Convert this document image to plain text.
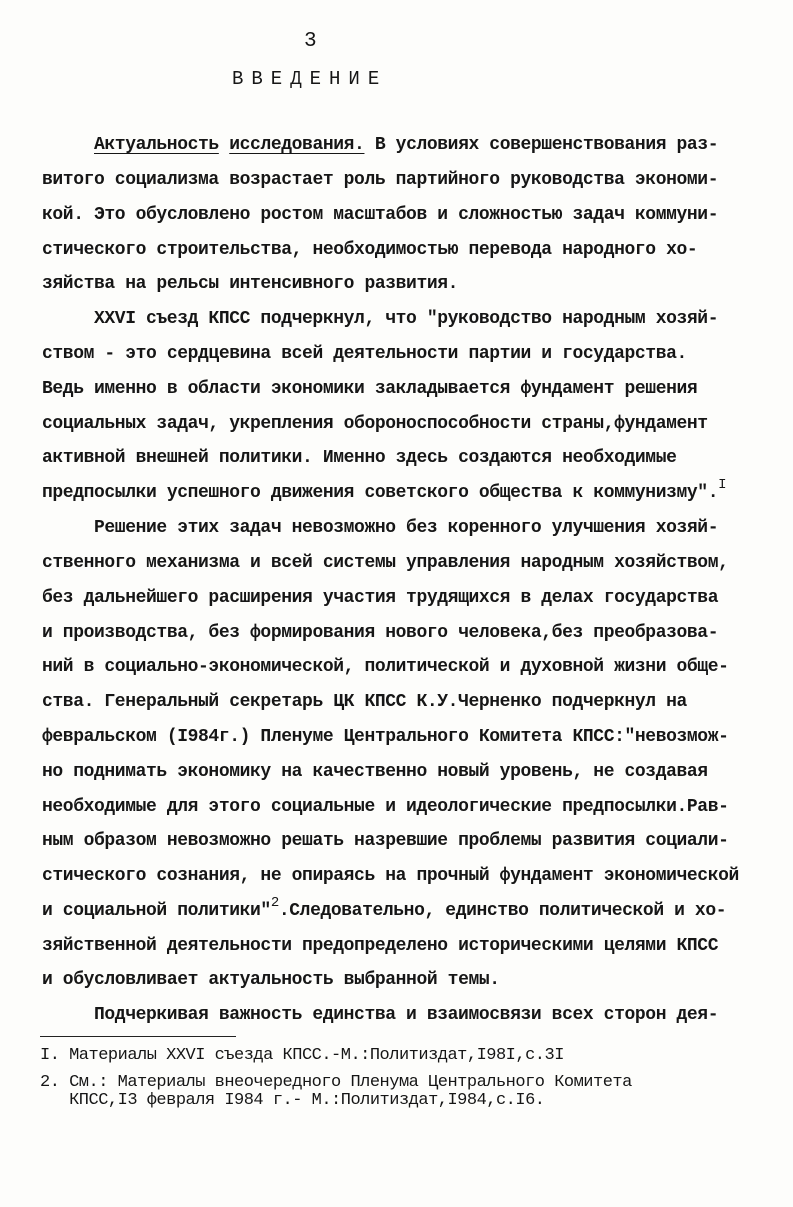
3
ВВЕДЕНИЕ
Актуальность исследования. В условиях совершенствования раз-
витого социализма возрастает роль партийного руководства экономи-
кой. Это обусловлено ростом масштабов и сложностью задач коммуни-
стического строительства, необходимостью перевода народного хо-
зяйства на рельсы интенсивного развития.
XXVI съезд КПСС подчеркнул, что "руководство народным хозяй-
ством - это сердцевина всей деятельности партии и государства.
Ведь именно в области экономики закладывается фундамент решения
социальных задач, укрепления обороноспособности страны,фундамент
активной внешней политики. Именно здесь создаются необходимые
предпосылки успешного движения советского общества к коммунизму".$^I$
Решение этих задач невозможно без коренного улучшения хозяй-
ственного механизма и всей системы управления народным хозяйством,
без дальнейшего расширения участия трудящихся в делах государства
и производства, без формирования нового человека,без преобразова-
ний в социально-экономической, политической и духовной жизни обще-
ства. Генеральный секретарь ЦК КПСС К.У.Черненко подчеркнул на
февральском (I984г.) Пленуме Центрального Комитета КПСС:"невозмож-
но поднимать экономику на качественно новый уровень, не создавая
необходимые для этого социальные и идеологические предпосылки.Рав-
ным образом невозможно решать назревшие проблемы развития социали-
стического сознания, не опираясь на прочный фундамент экономической
и социальной политики"$^2$.Следовательно, единство политической и хо-
зяйственной деятельности предопределено историческими целями КПСС
и обусловливает актуальность выбранной темы.
Подчеркивая важность единства и взаимосвязи всех сторон дея-
I. Материалы XXVI съезда КПСС.-М.:Политиздат,I98I,с.3I
2. См.: Материалы внеочередного Пленума Центрального Комитета
КПСС,I3 февраля I984 г.- М.:Политиздат,I984,с.I6.
